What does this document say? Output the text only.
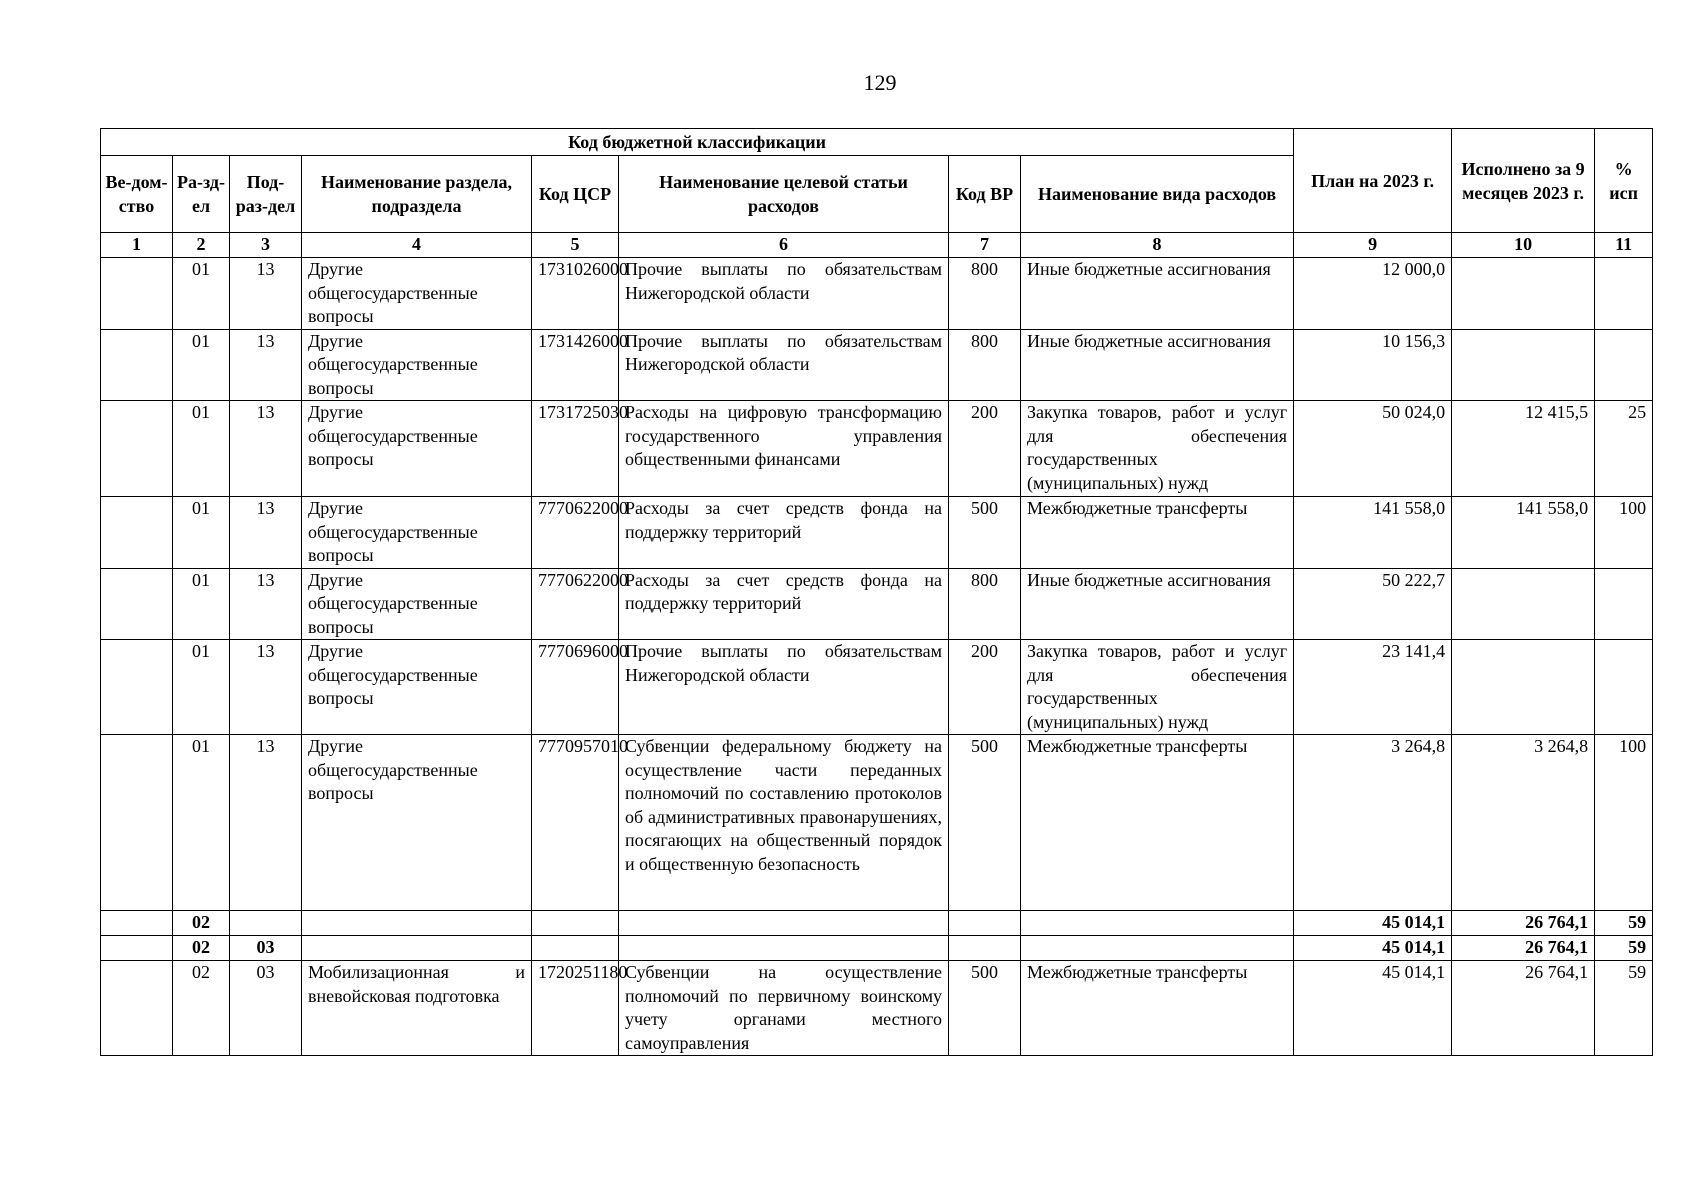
129
Код бюджетной классификации								План на 2023 г.	Исполнено за 9 месяцев 2023 г.	% исп
Ве-дом-ство	Ра-зд-ел	Под-раз-дел	Наименование раздела, подраздела	Код ЦСР	Наименование целевой статьи расходов	Код ВР	Наименование вида расходов			
1	2	3	4	5	6	7	8	9	10	11
	01	13	Другие общегосударственные вопросы	1731026000	Прочие выплаты по обязательствам Нижегородской области	800	Иные бюджетные ассигнования	12 000,0		
	01	13	Другие общегосударственные вопросы	1731426000	Прочие выплаты по обязательствам Нижегородской области	800	Иные бюджетные ассигнования	10 156,3		
	01	13	Другие общегосударственные вопросы	1731725030	Расходы на цифровую трансформацию государственного управления общественными финансами	200	Закупка товаров, работ и услуг для обеспечения государственных (муниципальных) нужд	50 024,0	12 415,5	25
	01	13	Другие общегосударственные вопросы	7770622000	Расходы за счет средств фонда на поддержку территорий	500	Межбюджетные трансферты	141 558,0	141 558,0	100
	01	13	Другие общегосударственные вопросы	7770622000	Расходы за счет средств фонда на поддержку территорий	800	Иные бюджетные ассигнования	50 222,7		
	01	13	Другие общегосударственные вопросы	7770696000	Прочие выплаты по обязательствам Нижегородской области	200	Закупка товаров, работ и услуг для обеспечения государственных (муниципальных) нужд	23 141,4		
	01	13	Другие общегосударственные вопросы	7770957010	Субвенции федеральному бюджету на осуществление части переданных полномочий по составлению протоколов об административных правонарушениях, посягающих на общественный порядок и общественную безопасность	500	Межбюджетные трансферты	3 264,8	3 264,8	100
	02							45 014,1	26 764,1	59
	02	03						45 014,1	26 764,1	59
	02	03	Мобилизационная и вневойсковая подготовка	1720251180	Субвенции на осуществление полномочий по первичному воинскому учету органами местного самоуправления	500	Межбюджетные трансферты	45 014,1	26 764,1	59
